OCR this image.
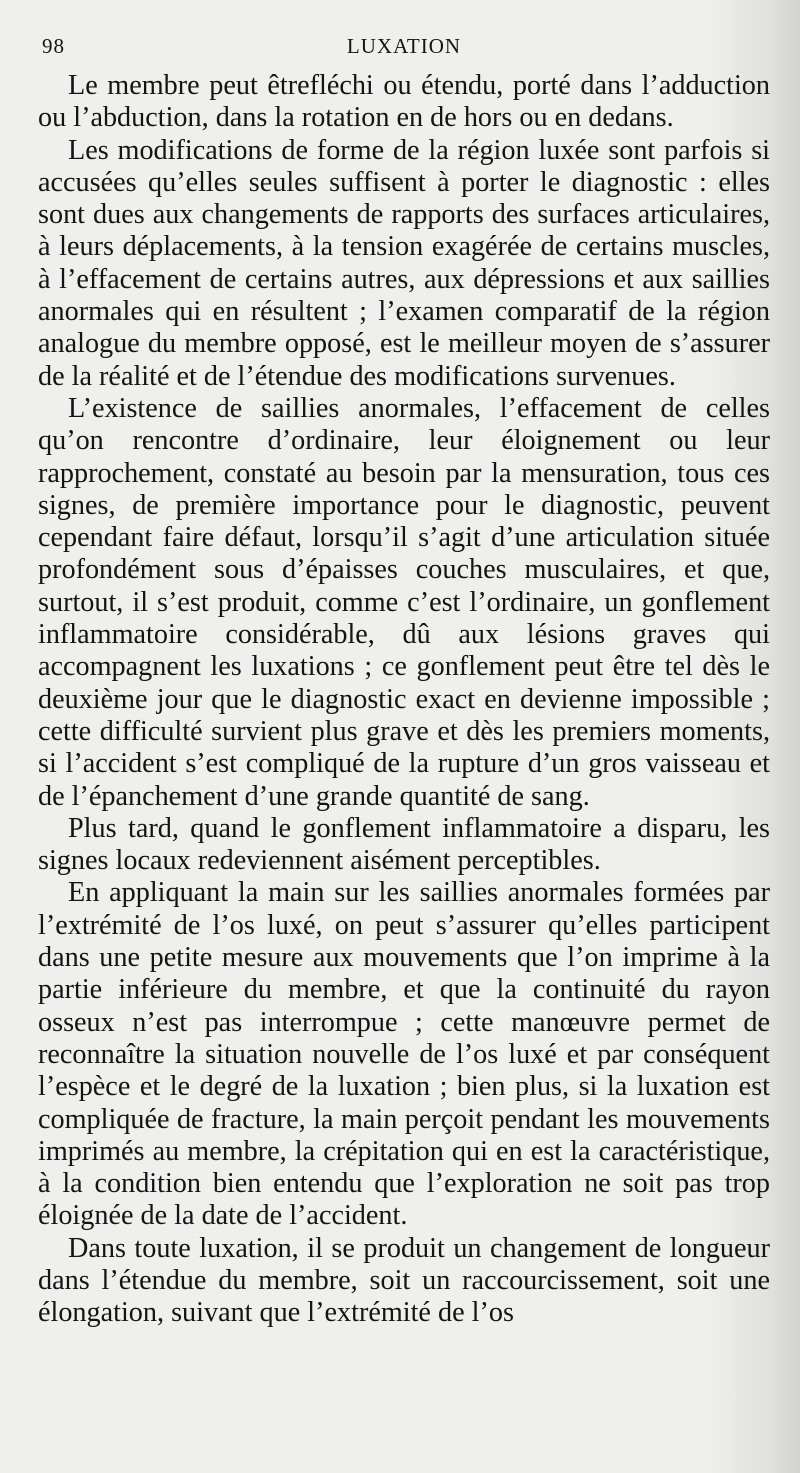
98	LUXATION

Le membre peut êtrefléchi ou étendu, porté dans l’adduction ou l’abduction, dans la rotation en de hors ou en dedans.

Les modifications de forme de la région luxée sont parfois si accusées qu’elles seules suffisent à porter le diagnostic : elles sont dues aux changements de rapports des surfaces articulaires, à leurs déplacements, à la tension exagérée de certains muscles, à l’effacement de certains autres, aux dépressions et aux saillies anormales qui en résultent ; l’examen comparatif de la région analogue du membre opposé, est le meilleur moyen de s’assurer de la réalité et de l’étendue des modifications survenues.

L’existence de saillies anormales, l’effacement de celles qu’on rencontre d’ordinaire, leur éloignement ou leur rapprochement, constaté au besoin par la mensuration, tous ces signes, de première importance pour le diagnostic, peuvent cependant faire défaut, lorsqu’il s’agit d’une articulation située profondément sous d’épaisses couches musculaires, et que, surtout, il s’est produit, comme c’est l’ordinaire, un gonflement inflammatoire considérable, dû aux lésions graves qui accompagnent les luxations ; ce gonflement peut être tel dès le deuxième jour que le diagnostic exact en devienne impossible ; cette difficulté survient plus grave et dès les premiers moments, si l’accident s’est compliqué de la rupture d’un gros vaisseau et de l’épanchement d’une grande quantité de sang.

Plus tard, quand le gonflement inflammatoire a disparu, les signes locaux redeviennent aisément perceptibles.

En appliquant la main sur les saillies anormales formées par l’extrémité de l’os luxé, on peut s’assurer qu’elles participent dans une petite mesure aux mouvements que l’on imprime à la partie inférieure du membre, et que la continuité du rayon osseux n’est pas interrompue ; cette manœuvre permet de reconnaître la situation nouvelle de l’os luxé et par conséquent l’espèce et le degré de la luxation ; bien plus, si la luxation est compliquée de fracture, la main perçoit pendant les mouvements imprimés au membre, la crépitation qui en est la caractéristique, à la condition bien entendu que l’exploration ne soit pas trop éloignée de la date de l’accident.

Dans toute luxation, il se produit un changement de longueur dans l’étendue du membre, soit un raccourcissement, soit une élongation, suivant que l’extrémité de l’os
